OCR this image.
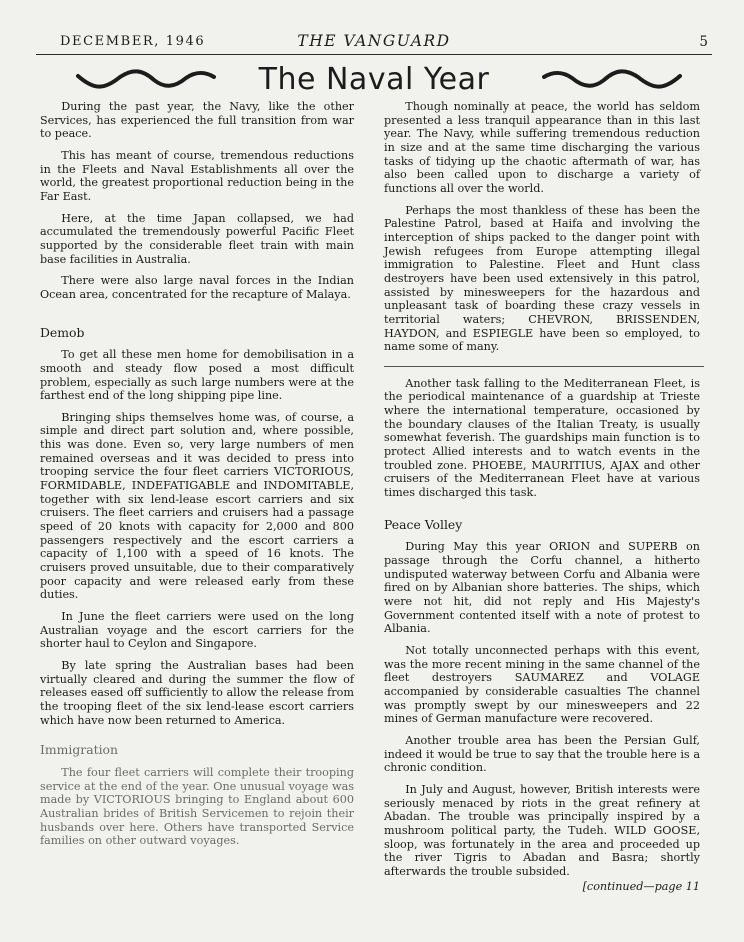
DECEMBER, 1946	THE VANGUARD	5
The Naval Year

During the past year, the Navy, like the other Services, has experienced the full transition from war to peace.

This has meant of course, tremendous reductions in the Fleets and Naval Establishments all over the world, the greatest proportional reduction being in the Far East.

Here, at the time Japan collapsed, we had accumulated the tremendously powerful Pacific Fleet supported by the considerable fleet train with main base facilities in Australia.

There were also large naval forces in the Indian Ocean area, concentrated for the recapture of Malaya.

Demob

To get all these men home for demobilisation in a smooth and steady flow posed a most difficult problem, especially as such large numbers were at the farthest end of the long shipping pipe line.

Bringing ships themselves home was, of course, a simple and direct part solution and, where possible, this was done. Even so, very large numbers of men remained overseas and it was decided to press into trooping service the four fleet carriers VICTORIOUS, FORMIDABLE, INDEFATIGABLE and INDOMITABLE, together with six lend-lease escort carriers and six cruisers. The fleet carriers and cruisers had a passage speed of 20 knots with capacity for 2,000 and 800 passengers respectively and the escort carriers a capacity of 1,100 with a speed of 16 knots. The cruisers proved unsuitable, due to their comparatively poor capacity and were released early from these duties.

In June the fleet carriers were used on the long Australian voyage and the escort carriers for the shorter haul to Ceylon and Singapore.

By late spring the Australian bases had been virtually cleared and during the summer the flow of releases eased off sufficiently to allow the release from the trooping fleet of the six lend-lease escort carriers which have now been returned to America.

Immigration

The four fleet carriers will complete their trooping service at the end of the year. One unusual voyage was made by VICTORIOUS bringing to England about 600 Australian brides of British Servicemen to rejoin their husbands over here. Others have transported Service families on other outward voyages.

Though nominally at peace, the world has seldom presented a less tranquil appearance than in this last year. The Navy, while suffering tremendous reduction in size and at the same time discharging the various tasks of tidying up the chaotic aftermath of war, has also been called upon to discharge a variety of functions all over the world.

Perhaps the most thankless of these has been the Palestine Patrol, based at Haifa and involving the interception of ships packed to the danger point with Jewish refugees from Europe attempting illegal immigration to Palestine. Fleet and Hunt class destroyers have been used extensively in this patrol, assisted by minesweepers for the hazardous and unpleasant task of boarding these crazy vessels in territorial waters; CHEVRON, BRISSENDEN, HAYDON, and ESPIEGLE have been so employed, to name some of many.

Another task falling to the Mediterranean Fleet, is the periodical maintenance of a guardship at Trieste where the international temperature, occasioned by the boundary clauses of the Italian Treaty, is usually somewhat feverish. The guardships main function is to protect Allied interests and to watch events in the troubled zone. PHOEBE, MAURITIUS, AJAX and other cruisers of the Mediterranean Fleet have at various times discharged this task.

Peace Volley

During May this year ORION and SUPERB on passage through the Corfu channel, a hitherto undisputed waterway between Corfu and Albania were fired on by Albanian shore batteries. The ships, which were not hit, did not reply and His Majesty's Government contented itself with a note of protest to Albania.

Not totally unconnected perhaps with this event, was the more recent mining in the same channel of the fleet destroyers SAUMAREZ and VOLAGE accompanied by considerable casualties The channel was promptly swept by our minesweepers and 22 mines of German manufacture were recovered.

Another trouble area has been the Persian Gulf, indeed it would be true to say that the trouble here is a chronic condition.

In July and August, however, British interests were seriously menaced by riots in the great refinery at Abadan. The trouble was principally inspired by a mushroom political party, the Tudeh. WILD GOOSE, sloop, was fortunately in the area and proceeded up the river Tigris to Abadan and Basra; shortly afterwards the trouble subsided.

[continued—page 11
